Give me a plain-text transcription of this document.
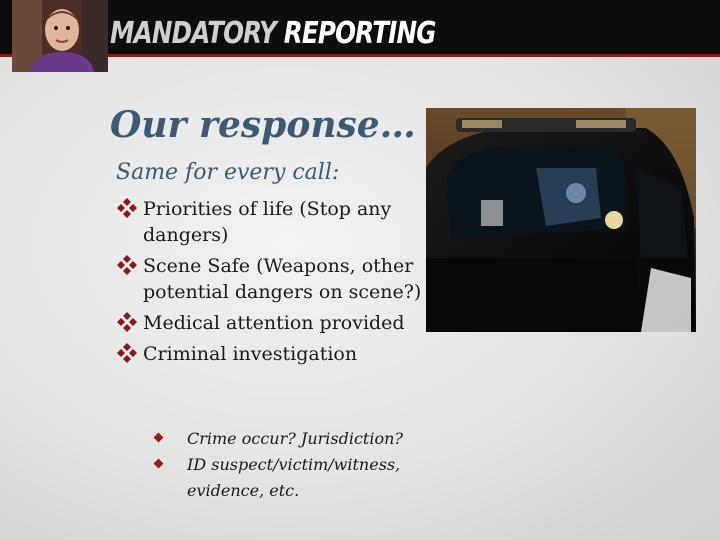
MANDATORY REPORTING
Our response…
Same for every call:
Priorities of life (Stop any dangers)
Scene Safe (Weapons, other potential dangers on scene?)
Medical attention provided
Criminal investigation
Crime occur? Jurisdiction?
ID suspect/victim/witness, evidence, etc.
